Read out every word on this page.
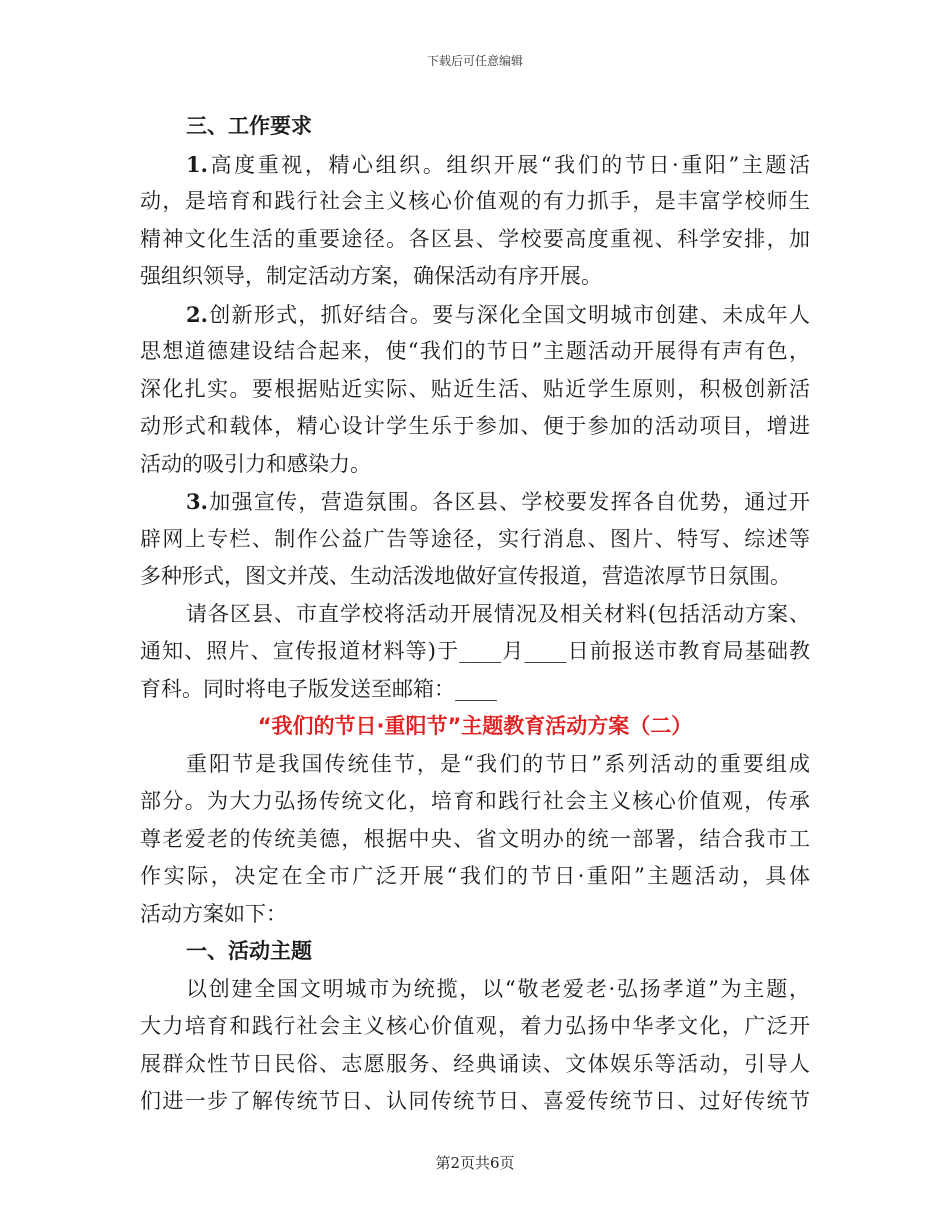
下载后可任意编辑
三、工作要求
1.高度重视，精心组织。组织开展“我们的节日·重阳”主题活
动，是培育和践行社会主义核心价值观的有力抓手，是丰富学校师生
精神文化生活的重要途径。各区县、学校要高度重视、科学安排，加
强组织领导，制定活动方案，确保活动有序开展。
2.创新形式，抓好结合。要与深化全国文明城市创建、未成年人
思想道德建设结合起来，使“我们的节日”主题活动开展得有声有色，
深化扎实。要根据贴近实际、贴近生活、贴近学生原则，积极创新活
动形式和载体，精心设计学生乐于参加、便于参加的活动项目，增进
活动的吸引力和感染力。
3.加强宣传，营造氛围。各区县、学校要发挥各自优势，通过开
辟网上专栏、制作公益广告等途径，实行消息、图片、特写、综述等
多种形式，图文并茂、生动活泼地做好宣传报道，营造浓厚节日氛围。
请各区县、市直学校将活动开展情况及相关材料(包括活动方案、
通知、照片、宣传报道材料等)于____月____日前报送市教育局基础教
育科。同时将电子版发送至邮箱：____
“我们的节日·重阳节”主题教育活动方案（二）
重阳节是我国传统佳节，是“我们的节日”系列活动的重要组成
部分。为大力弘扬传统文化，培育和践行社会主义核心价值观，传承
尊老爱老的传统美德，根据中央、省文明办的统一部署，结合我市工
作实际，决定在全市广泛开展“我们的节日·重阳”主题活动，具体
活动方案如下：
一、活动主题
以创建全国文明城市为统揽，以“敬老爱老·弘扬孝道”为主题，
大力培育和践行社会主义核心价值观，着力弘扬中华孝文化，广泛开
展群众性节日民俗、志愿服务、经典诵读、文体娱乐等活动，引导人
们进一步了解传统节日、认同传统节日、喜爱传统节日、过好传统节
第2页共6页
